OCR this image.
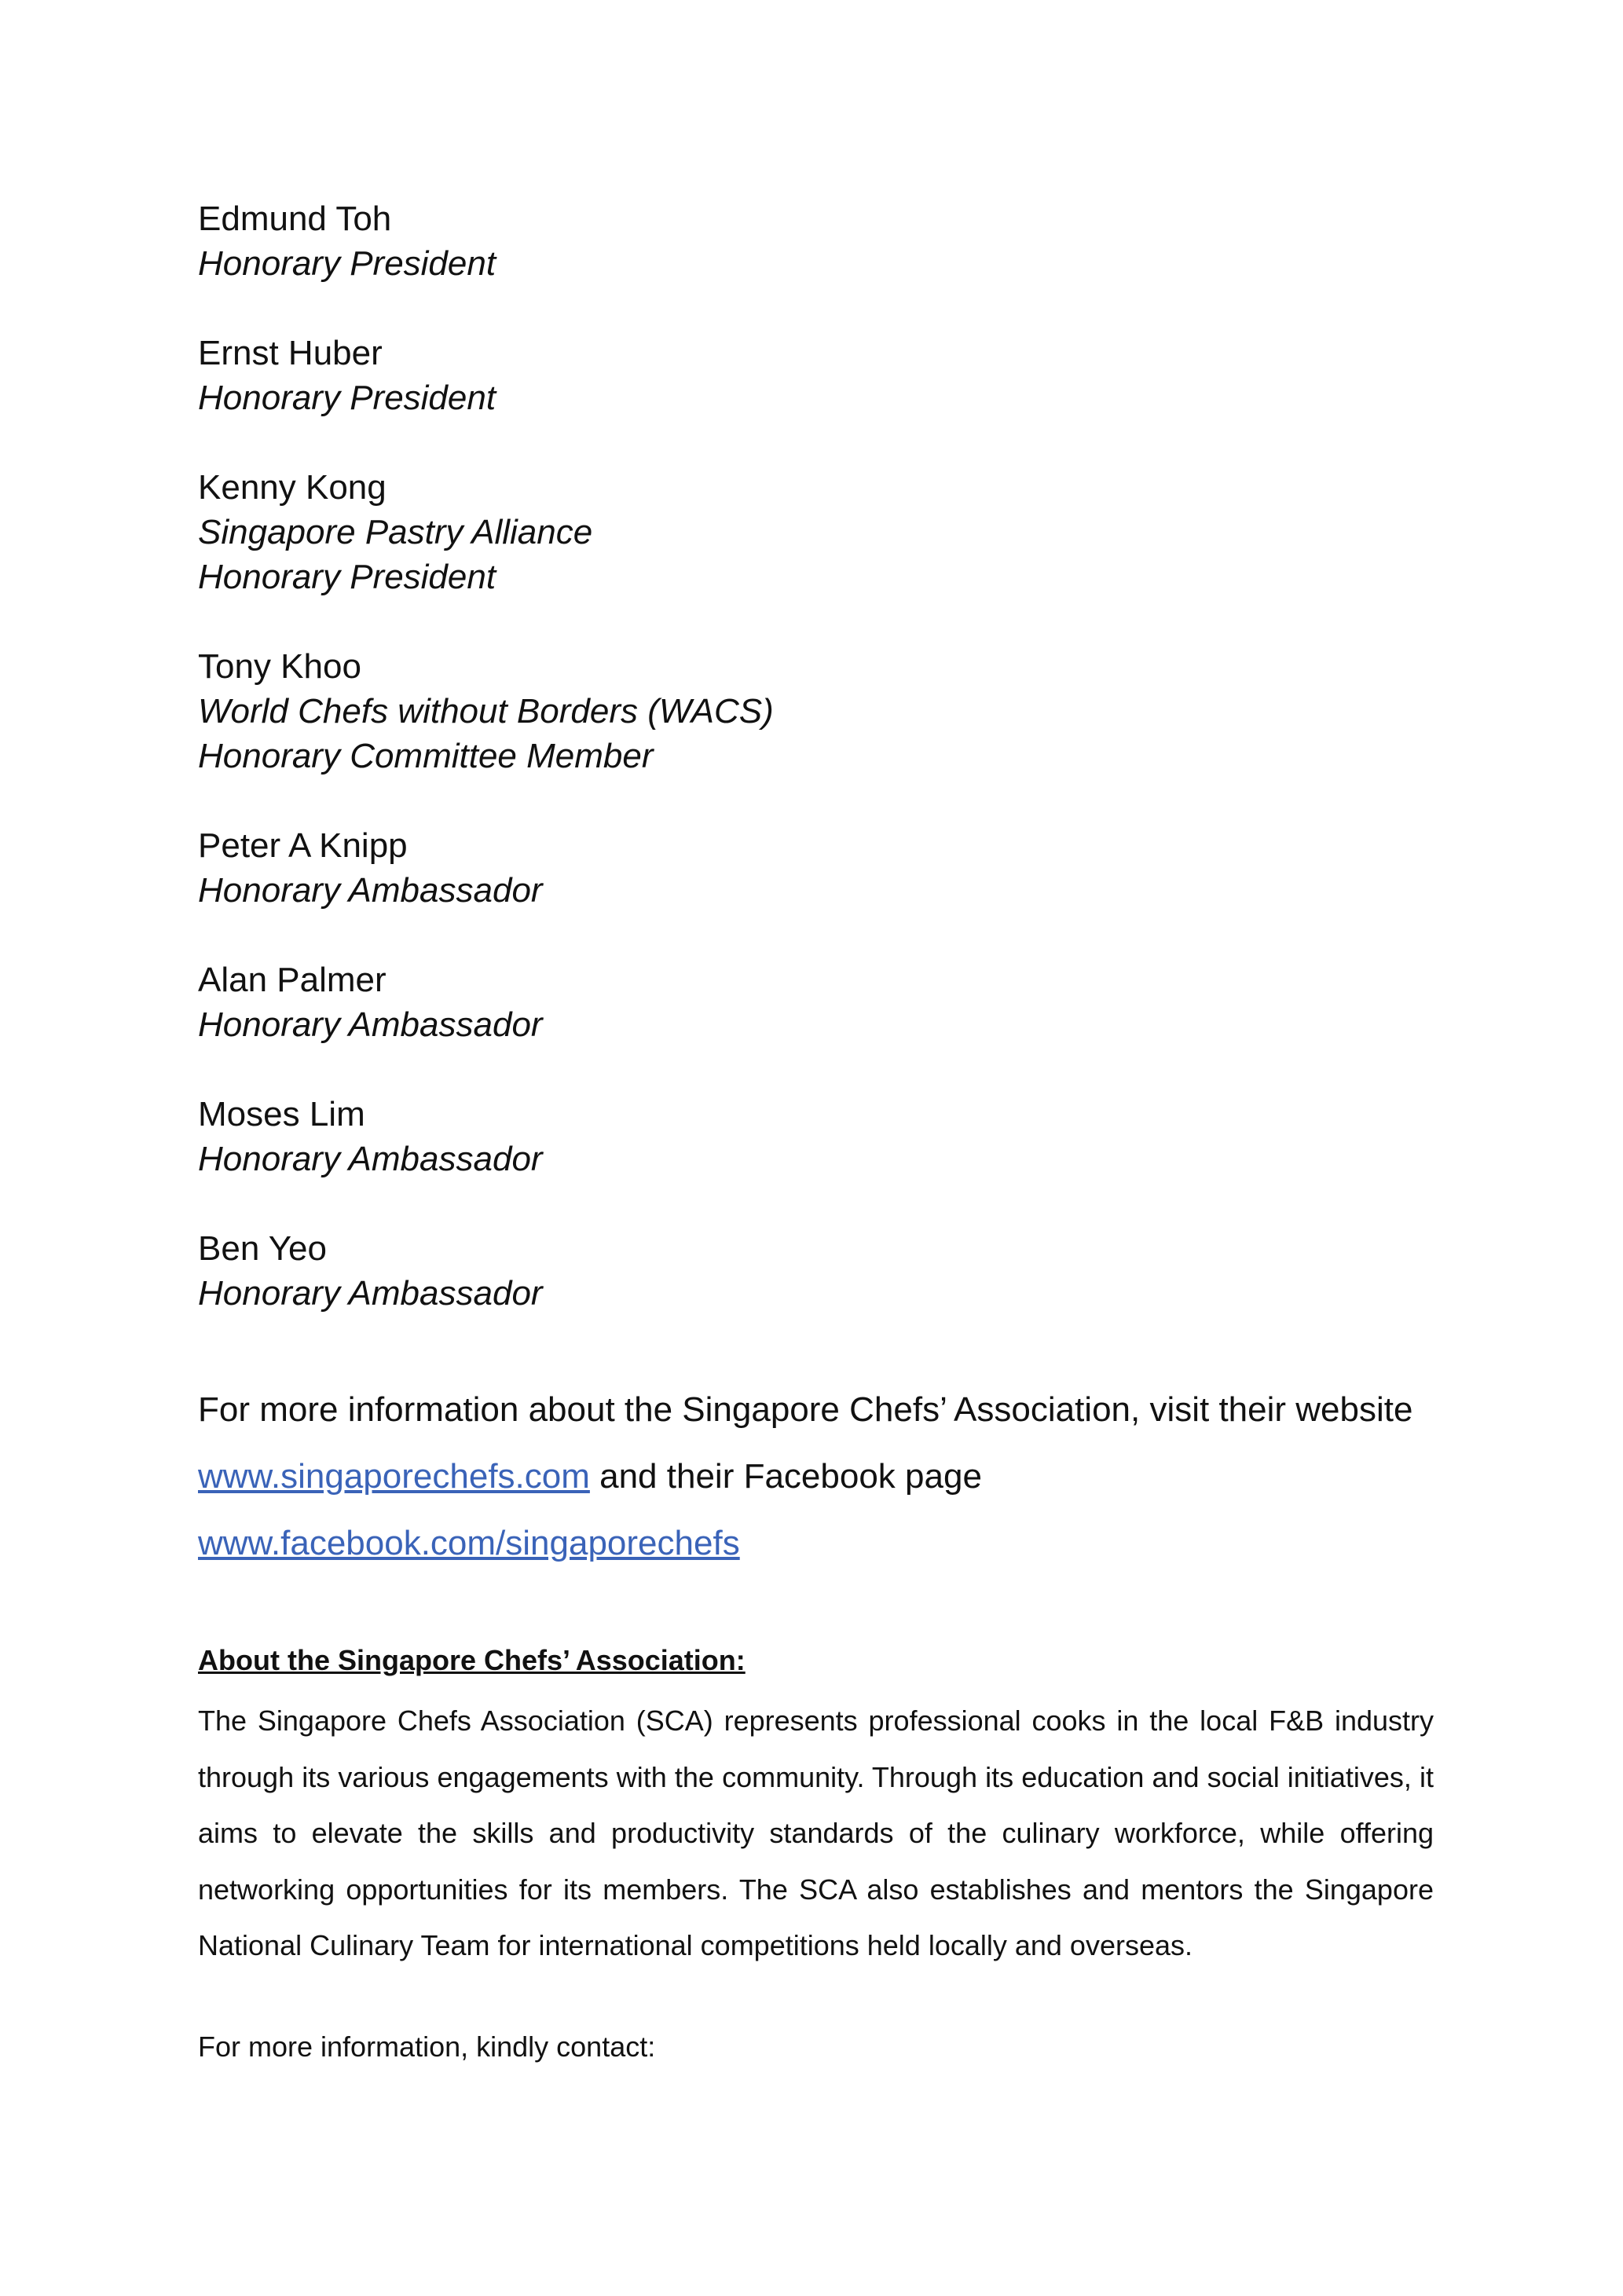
Edmund Toh
Honorary President
Ernst Huber
Honorary President
Kenny Kong
Singapore Pastry Alliance
Honorary President
Tony Khoo
World Chefs without Borders (WACS)
Honorary Committee Member
Peter A Knipp
Honorary Ambassador
Alan Palmer
Honorary Ambassador
Moses Lim
Honorary Ambassador
Ben Yeo
Honorary Ambassador
For more information about the Singapore Chefs’ Association, visit their website
www.singaporechefs.com and their Facebook page
www.facebook.com/singaporechefs
About the Singapore Chefs’ Association:
The Singapore Chefs Association (SCA) represents professional cooks in the local F&B industry through its various engagements with the community. Through its education and social initiatives, it aims to elevate the skills and productivity standards of the culinary workforce, while offering networking opportunities for its members. The SCA also establishes and mentors the Singapore National Culinary Team for international competitions held locally and overseas.
For more information, kindly contact:
